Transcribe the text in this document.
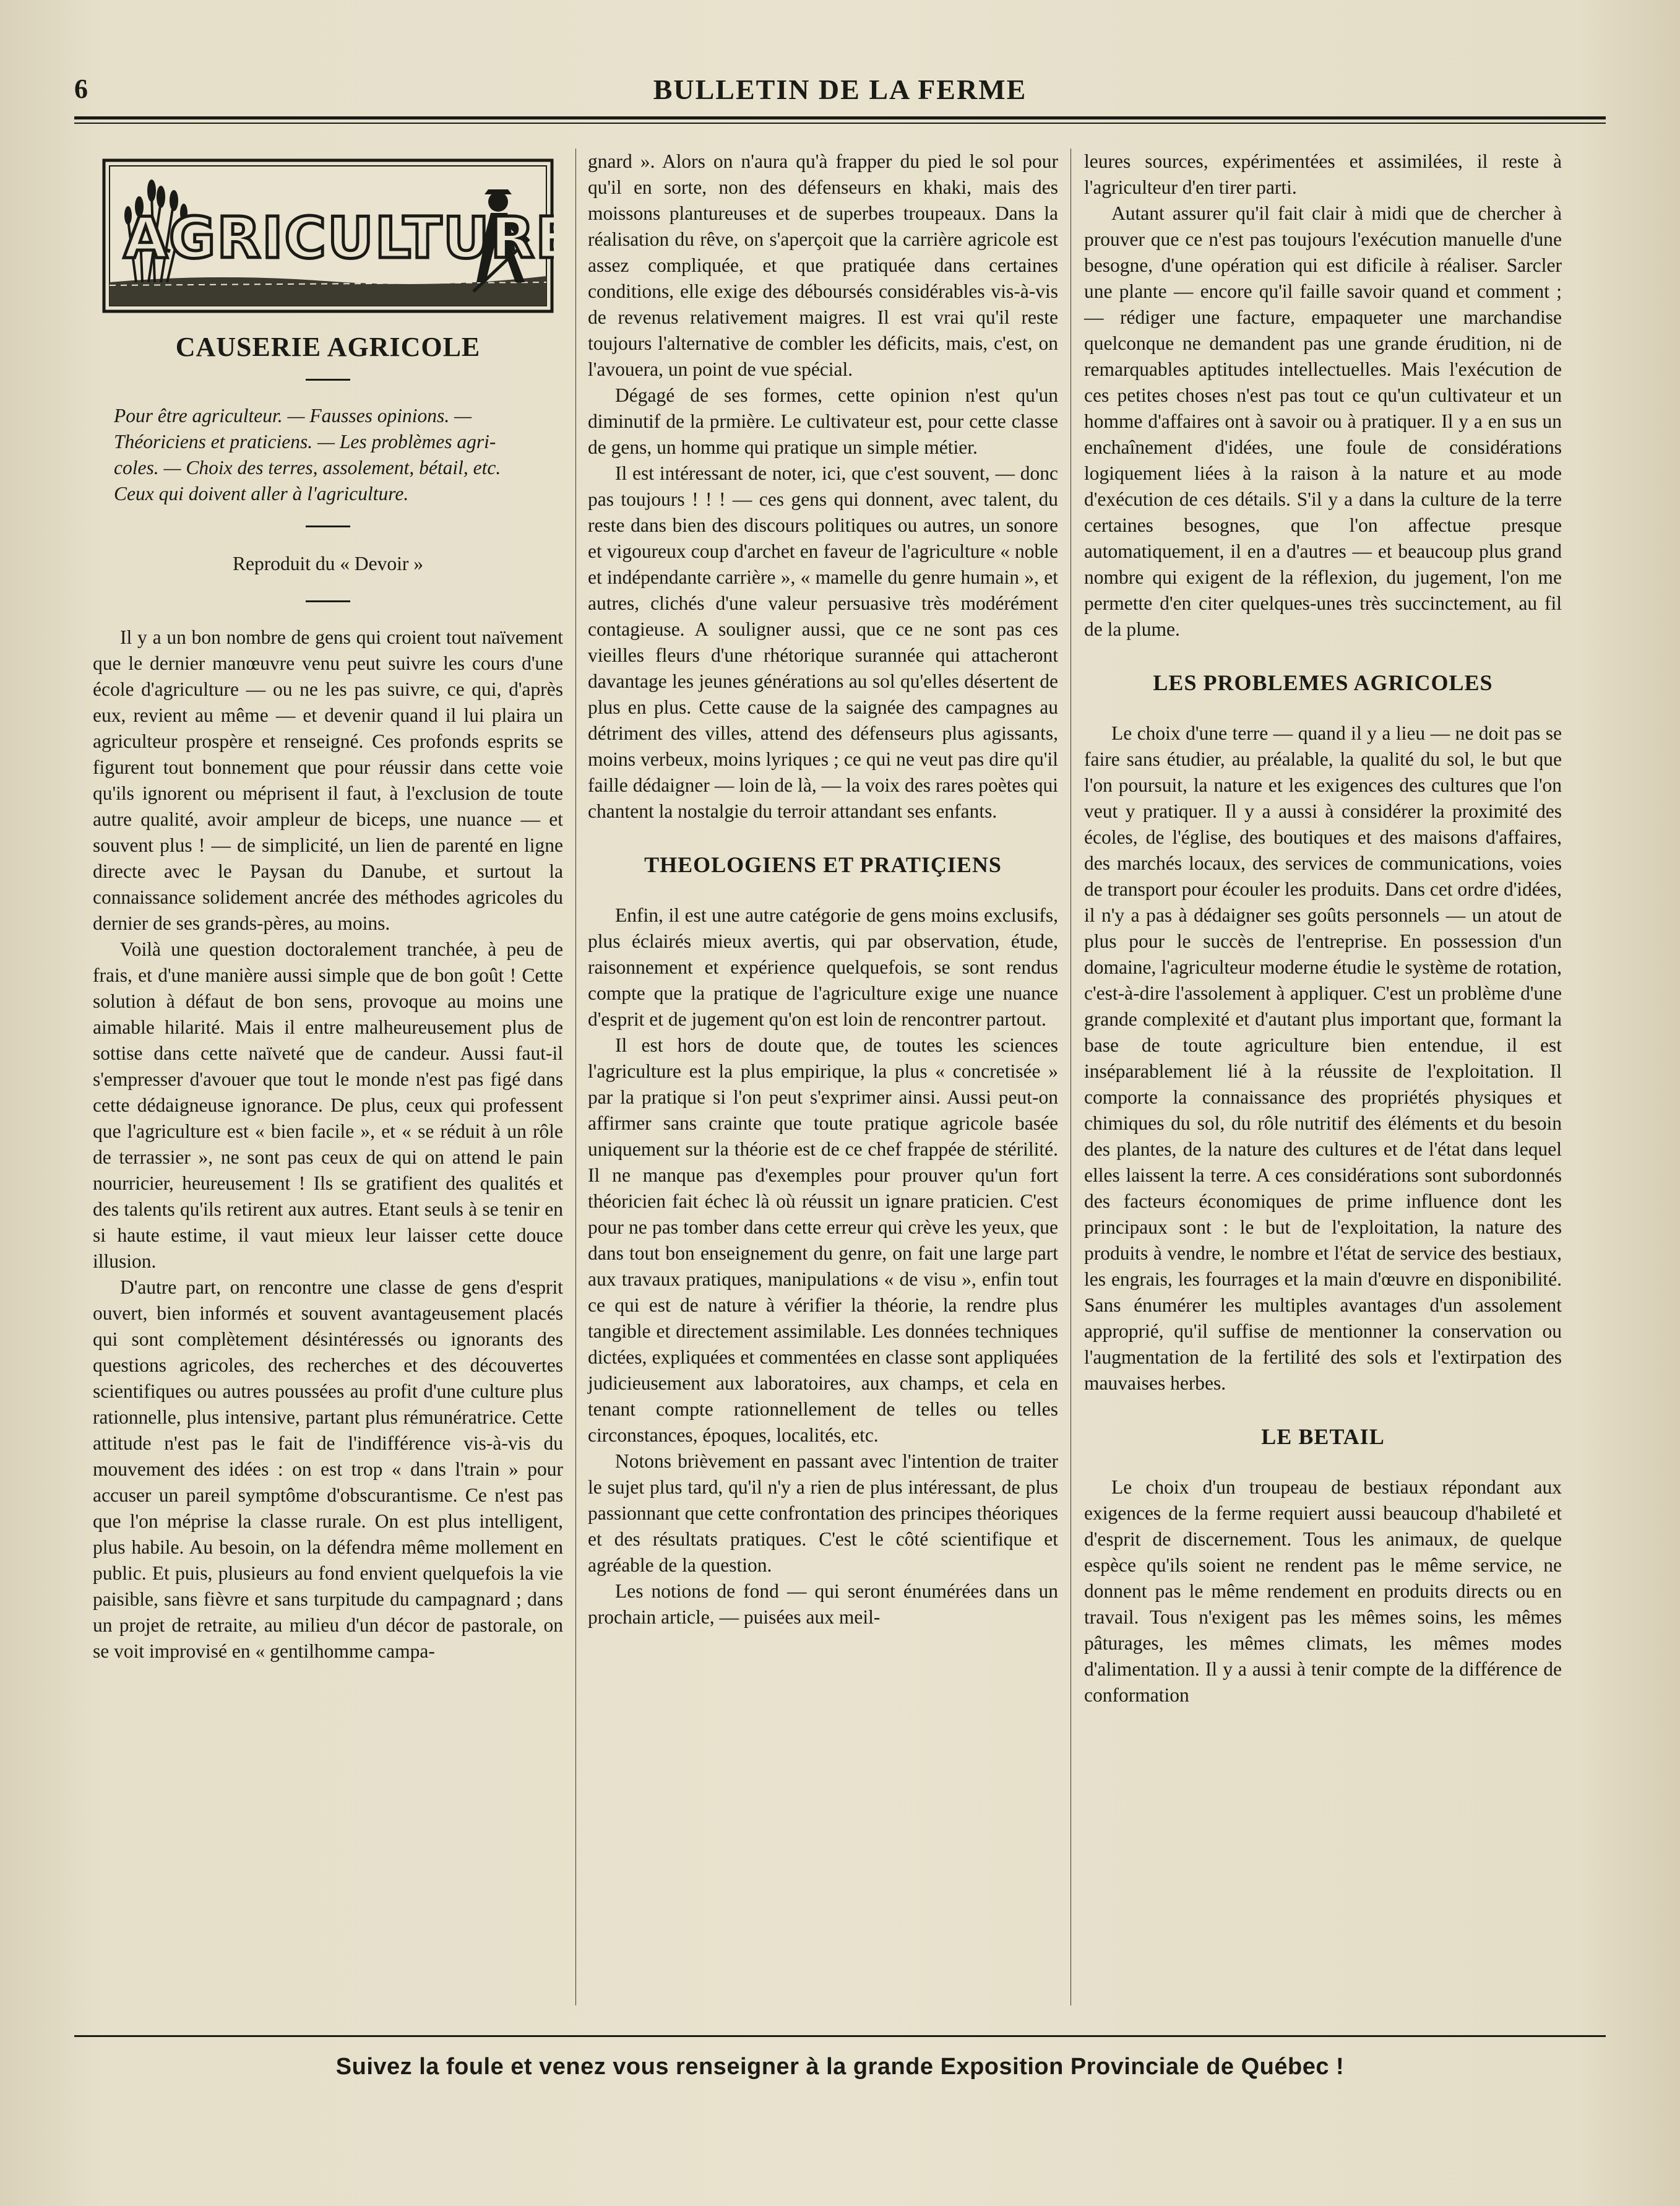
6	BULLETIN DE LA FERME
AGRICULTURE
CAUSERIE AGRICOLE

Pour être agriculteur. — Fausses opinions. —

Théoriciens et praticiens. — Les problèmes agri-

coles. — Choix des terres, assolement, bétail, etc.

Ceux qui doivent aller à l'agriculture.

Reproduit du « Devoir »

Il y a un bon nombre de gens qui croient tout naïvement que le dernier manœuvre venu peut suivre les cours d'une école d'agriculture — ou ne les pas suivre, ce qui, d'après eux, revient au même — et devenir quand il lui plaira un agriculteur prospère et renseigné. Ces profonds esprits se figurent tout bonnement que pour réussir dans cette voie qu'ils ignorent ou méprisent il faut, à l'exclusion de toute autre qualité, avoir ampleur de biceps, une nuance — et souvent plus ! — de simplicité, un lien de parenté en ligne directe avec le Paysan du Danube, et surtout la connaissance solidement ancrée des méthodes agricoles du dernier de ses grands-pères, au moins.

Voilà une question doctoralement tranchée, à peu de frais, et d'une manière aussi simple que de bon goût ! Cette solution à défaut de bon sens, provoque au moins une aimable hilarité. Mais il entre malheureusement plus de sottise dans cette naïveté que de candeur. Aussi faut-il s'empresser d'avouer que tout le monde n'est pas figé dans cette dédaigneuse ignorance. De plus, ceux qui professent que l'agriculture est « bien facile », et « se réduit à un rôle de terrassier », ne sont pas ceux de qui on attend le pain nourricier, heureusement ! Ils se gratifient des qualités et des talents qu'ils retirent aux autres. Etant seuls à se tenir en si haute estime, il vaut mieux leur laisser cette douce illusion.

D'autre part, on rencontre une classe de gens d'esprit ouvert, bien informés et souvent avantageusement placés qui sont complètement désintéressés ou ignorants des questions agricoles, des recherches et des découvertes scientifiques ou autres poussées au profit d'une culture plus rationnelle, plus intensive, partant plus rémunératrice. Cette attitude n'est pas le fait de l'indifférence vis-à-vis du mouvement des idées : on est trop « dans l'train » pour accuser un pareil symptôme d'obscurantisme. Ce n'est pas que l'on méprise la classe rurale. On est plus intelligent, plus habile. Au besoin, on la défendra même mollement en public. Et puis, plusieurs au fond envient quelquefois la vie paisible, sans fièvre et sans turpitude du campagnard ; dans un projet de retraite, au milieu d'un décor de pastorale, on se voit improvisé en « gentilhomme campa-

gnard ». Alors on n'aura qu'à frapper du pied le sol pour qu'il en sorte, non des défenseurs en khaki, mais des moissons plantureuses et de superbes troupeaux. Dans la réalisation du rêve, on s'aperçoit que la carrière agricole est assez compliquée, et que pratiquée dans certaines conditions, elle exige des déboursés considérables vis-à-vis de revenus relativement maigres. Il est vrai qu'il reste toujours l'alternative de combler les déficits, mais, c'est, on l'avouera, un point de vue spécial.

Dégagé de ses formes, cette opinion n'est qu'un diminutif de la prmière. Le cultivateur est, pour cette classe de gens, un homme qui pratique un simple métier.

Il est intéressant de noter, ici, que c'est souvent, — donc pas toujours ! ! ! — ces gens qui donnent, avec talent, du reste dans bien des discours politiques ou autres, un sonore et vigoureux coup d'archet en faveur de l'agriculture « noble et indépendante carrière », « mamelle du genre humain », et autres, clichés d'une valeur persuasive très modérément contagieuse. A souligner aussi, que ce ne sont pas ces vieilles fleurs d'une rhétorique surannée qui attacheront davantage les jeunes générations au sol qu'elles désertent de plus en plus. Cette cause de la saignée des campagnes au détriment des villes, attend des défenseurs plus agissants, moins verbeux, moins lyriques ; ce qui ne veut pas dire qu'il faille dédaigner — loin de là, — la voix des rares poètes qui chantent la nostalgie du terroir attandant ses enfants.

THEOLOGIENS ET PRATIÇIENS

Enfin, il est une autre catégorie de gens moins exclusifs, plus éclairés mieux avertis, qui par observation, étude, raisonnement et expérience quelquefois, se sont rendus compte que la pratique de l'agriculture exige une nuance d'esprit et de jugement qu'on est loin de rencontrer partout.

Il est hors de doute que, de toutes les sciences l'agriculture est la plus empirique, la plus « concretisée » par la pratique si l'on peut s'exprimer ainsi. Aussi peut-on affirmer sans crainte que toute pratique agricole basée uniquement sur la théorie est de ce chef frappée de stérilité. Il ne manque pas d'exemples pour prouver qu'un fort théoricien fait échec là où réussit un ignare praticien. C'est pour ne pas tomber dans cette erreur qui crève les yeux, que dans tout bon enseignement du genre, on fait une large part aux travaux pratiques, manipulations « de visu », enfin tout ce qui est de nature à vérifier la théorie, la rendre plus tangible et directement assimilable. Les données techniques dictées, expliquées et commentées en classe sont appliquées judicieusement aux laboratoires, aux champs, et cela en tenant compte rationnellement de telles ou telles circonstances, époques, localités, etc.

Notons brièvement en passant avec l'intention de traiter le sujet plus tard, qu'il n'y a rien de plus intéressant, de plus passionnant que cette confrontation des principes théoriques et des résultats pratiques. C'est le côté scientifique et agréable de la question.

Les notions de fond — qui seront énumérées dans un prochain article, — puisées aux meil-

leures sources, expérimentées et assimilées, il reste à l'agriculteur d'en tirer parti.

Autant assurer qu'il fait clair à midi que de chercher à prouver que ce n'est pas toujours l'exécution manuelle d'une besogne, d'une opération qui est dificile à réaliser. Sarcler une plante — encore qu'il faille savoir quand et comment ; — rédiger une facture, empaqueter une marchandise quelconque ne demandent pas une grande érudition, ni de remarquables aptitudes intellectuelles. Mais l'exécution de ces petites choses n'est pas tout ce qu'un cultivateur et un homme d'affaires ont à savoir ou à pratiquer. Il y a en sus un enchaînement d'idées, une foule de considérations logiquement liées à la raison à la nature et au mode d'exécution de ces détails. S'il y a dans la culture de la terre certaines besognes, que l'on affectue presque automatiquement, il en a d'autres — et beaucoup plus grand nombre qui exigent de la réflexion, du jugement, l'on me permette d'en citer quelques-unes très succinctement, au fil de la plume.

LES PROBLEMES AGRICOLES

Le choix d'une terre — quand il y a lieu — ne doit pas se faire sans étudier, au préalable, la qualité du sol, le but que l'on poursuit, la nature et les exigences des cultures que l'on veut y pratiquer. Il y a aussi à considérer la proximité des écoles, de l'église, des boutiques et des maisons d'affaires, des marchés locaux, des services de communications, voies de transport pour écouler les produits. Dans cet ordre d'idées, il n'y a pas à dédaigner ses goûts personnels — un atout de plus pour le succès de l'entreprise. En possession d'un domaine, l'agriculteur moderne étudie le système de rotation, c'est-à-dire l'assolement à appliquer. C'est un problème d'une grande complexité et d'autant plus important que, formant la base de toute agriculture bien entendue, il est inséparablement lié à la réussite de l'exploitation. Il comporte la connaissance des propriétés physiques et chimiques du sol, du rôle nutritif des éléments et du besoin des plantes, de la nature des cultures et de l'état dans lequel elles laissent la terre. A ces considérations sont subordonnés des facteurs économiques de prime influence dont les principaux sont : le but de l'exploitation, la nature des produits à vendre, le nombre et l'état de service des bestiaux, les engrais, les fourrages et la main d'œuvre en disponibilité. Sans énumérer les multiples avantages d'un assolement approprié, qu'il suffise de mentionner la conservation ou l'augmentation de la fertilité des sols et l'extirpation des mauvaises herbes.

LE BETAIL

Le choix d'un troupeau de bestiaux répondant aux exigences de la ferme requiert aussi beaucoup d'habileté et d'esprit de discernement. Tous les animaux, de quelque espèce qu'ils soient ne rendent pas le même service, ne donnent pas le même rendement en produits directs ou en travail. Tous n'exigent pas les mêmes soins, les mêmes pâturages, les mêmes climats, les mêmes modes d'alimentation. Il y a aussi à tenir compte de la différence de conformation

Suivez la foule et venez vous renseigner à la grande Exposition Provinciale de Québec !
